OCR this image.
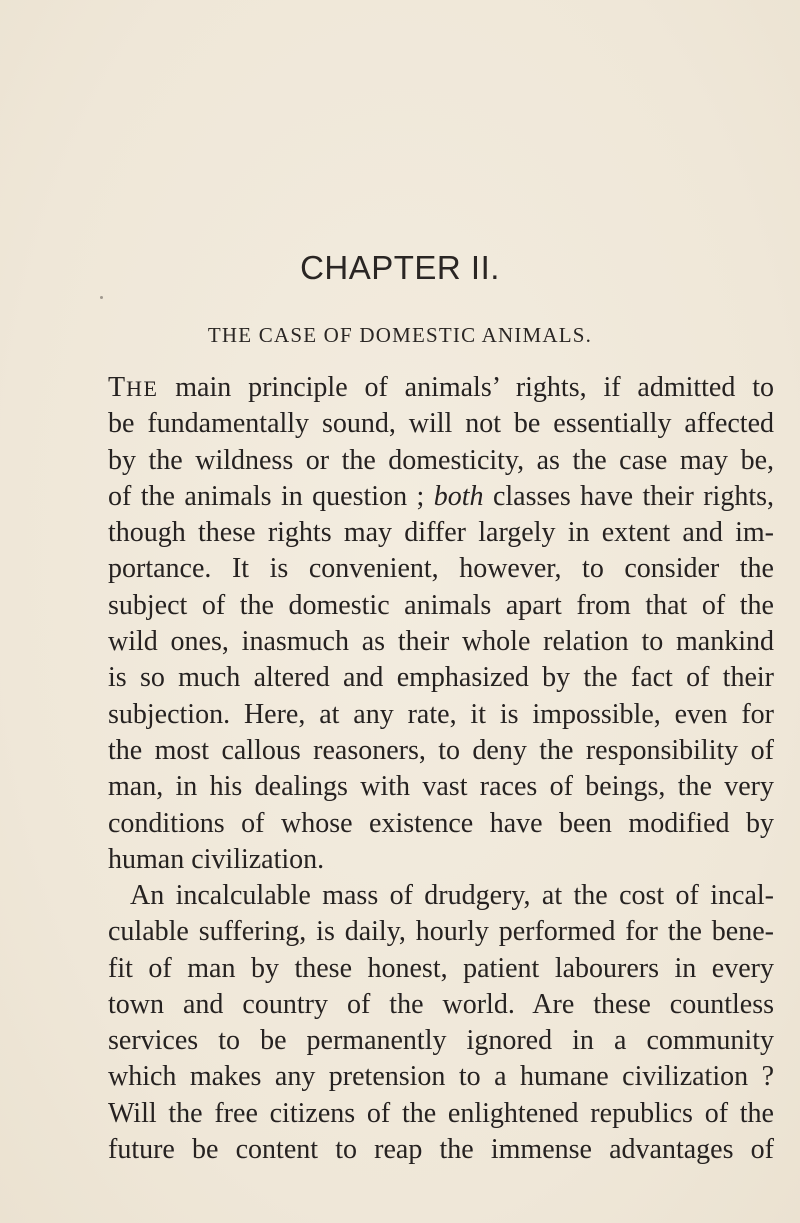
CHAPTER II.
THE CASE OF DOMESTIC ANIMALS.
THE main principle of animals’ rights, if admitted to
be fundamentally sound, will not be essentially affected
by the wildness or the domesticity, as the case may be,
of the animals in question ; both classes have their rights,
though these rights may differ largely in extent and im-
portance. It is convenient, however, to consider the
subject of the domestic animals apart from that of the
wild ones, inasmuch as their whole relation to mankind
is so much altered and emphasized by the fact of their
subjection. Here, at any rate, it is impossible, even for
the most callous reasoners, to deny the responsibility of
man, in his dealings with vast races of beings, the very
conditions of whose existence have been modified by
human civilization.
An incalculable mass of drudgery, at the cost of incal-
culable suffering, is daily, hourly performed for the bene-
fit of man by these honest, patient labourers in every
town and country of the world. Are these countless
services to be permanently ignored in a community
which makes any pretension to a humane civilization ?
Will the free citizens of the enlightened republics of the
future be content to reap the immense advantages of
